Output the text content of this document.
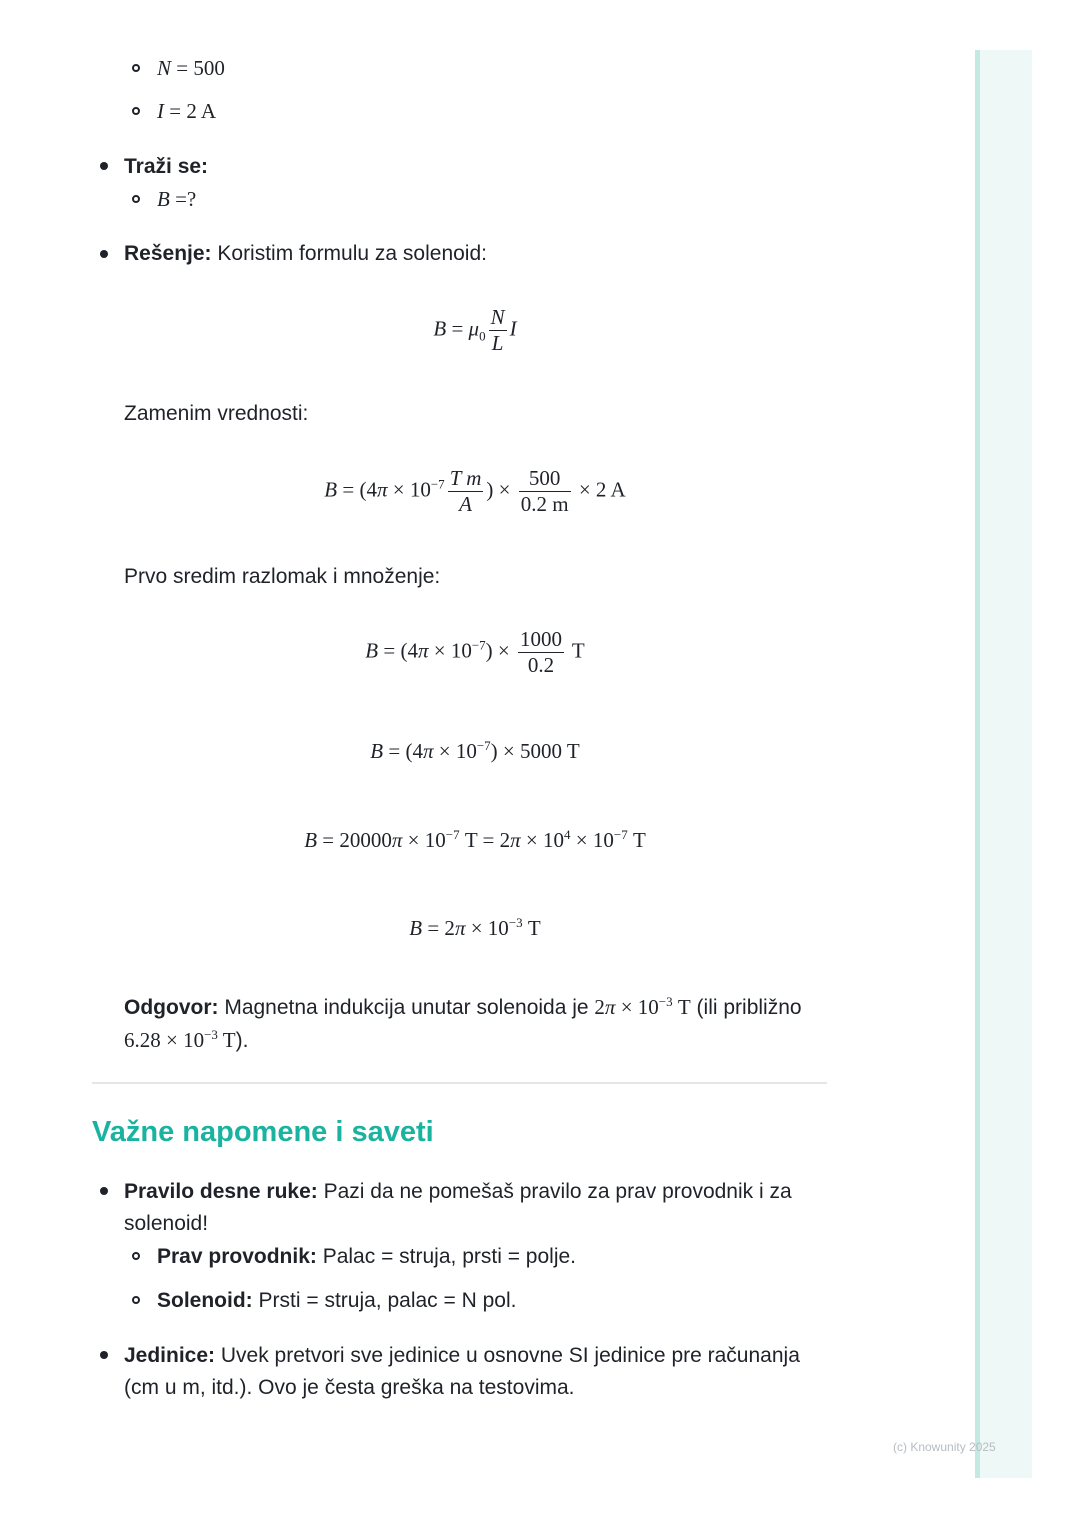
N = 500
I = 2 A
Traži se:
B =?
Rešenje: Koristim formulu za solenoid:
$B = \mu_0 \frac{N}{L}$ I
Zamenim vrednosti:
$B = (4\pi \times 10^{-7} \frac{\text{T m}}{A}$ ) × $\frac{500}{0.2 m} \times 2$ A
Prvo sredim razlomak i množenje:
$B = (4\pi \times 10^{-7}) \times \frac{1000}{0.2}$ T
$B = (4\pi \times 10^{-7}) \times 5000$ T
$B = 20000\pi \times 10^{-7}$ $T = 2\pi \times 10^4 \times 10^{-7}$ T
$B = 2\pi \times 10^{-3}$ T
Odgovor: Magnetna indukcija unutar solenoida je $2\pi \times 10^{-3}$ T (ili približno
$6.28 \times 10^{-3}$ T).
Važne napomene i saveti
Pravilo desne ruke: Pazi da ne pomešaš pravilo za prav provodnik i za
solenoid!
Prav provodnik: Palac = struja, prsti = polje.
Solenoid: Prsti = struja, palac = N pol.
Jedinice: Uvek pretvori sve jedinice u osnovne SI jedinice pre računanja
(cm u m, itd.). Ovo je česta greška na testovima.
(c) Knowunity 2025
